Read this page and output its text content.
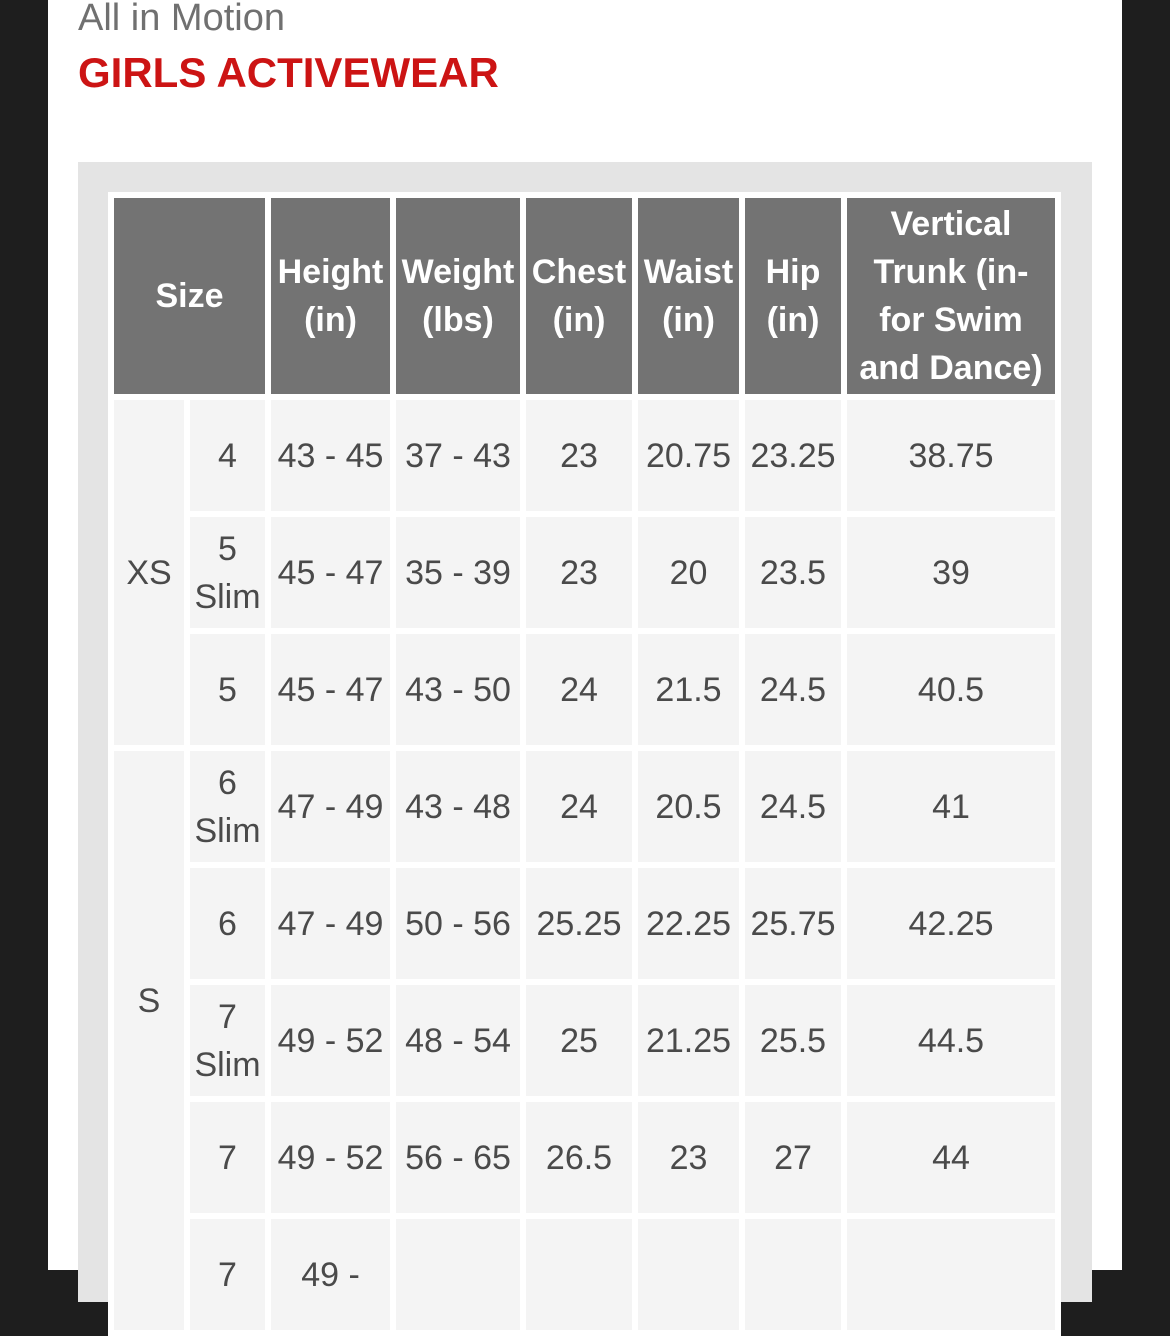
All in Motion
GIRLS ACTIVEWEAR
Size		Height (in)	Weight (lbs)	Chest (in)	Waist (in)	Hip (in)	Vertical Trunk (in- for Swim and Dance)
XS	4	43 - 45	37 - 43	23	20.75	23.25	38.75
	5 Slim	45 - 47	35 - 39	23	20	23.5	39
	5	45 - 47	43 - 50	24	21.5	24.5	40.5
S	6 Slim	47 - 49	43 - 48	24	20.5	24.5	41
	6	47 - 49	50 - 56	25.25	22.25	25.75	42.25
	7 Slim	49 - 52	48 - 54	25	21.25	25.5	44.5
	7	49 - 52	56 - 65	26.5	23	27	44
	7	49 -					
